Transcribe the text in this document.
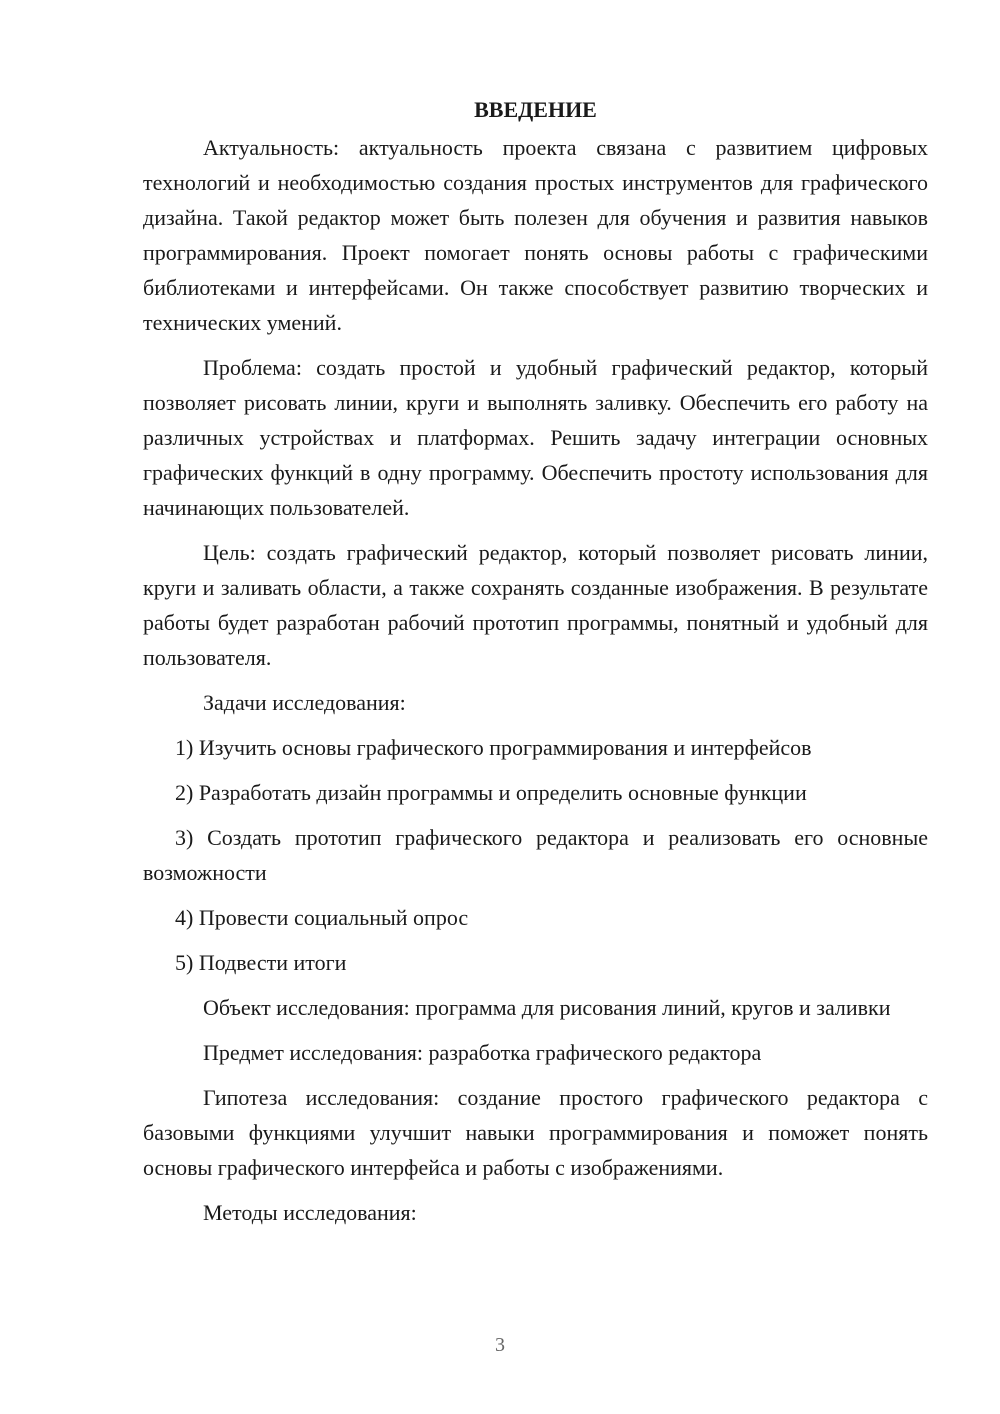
ВВЕДЕНИЕ

Актуальность: актуальность проекта связана с развитием цифровых технологий и необходимостью создания простых инструментов для графического дизайна. Такой редактор может быть полезен для обучения и развития навыков программирования. Проект помогает понять основы работы с графическими библиотеками и интерфейсами. Он также способствует развитию творческих и технических умений.

Проблема: создать простой и удобный графический редактор, который позволяет рисовать линии, круги и выполнять заливку. Обеспечить его работу на различных устройствах и платформах. Решить задачу интеграции основных графических функций в одну программу. Обеспечить простоту использования для начинающих пользователей.

Цель: создать графический редактор, который позволяет рисовать линии, круги и заливать области, а также сохранять созданные изображения. В результате работы будет разработан рабочий прототип программы, понятный и удобный для пользователя.

Задачи исследования:

1) Изучить основы графического программирования и интерфейсов

2) Разработать дизайн программы и определить основные функции

3) Создать прототип графического редактора и реализовать его основные возможности

4) Провести социальный опрос

5) Подвести итоги

Объект исследования: программа для рисования линий, кругов и заливки

Предмет исследования: разработка графического редактора

Гипотеза исследования: создание простого графического редактора с базовыми функциями улучшит навыки программирования и поможет понять основы графического интерфейса и работы с изображениями.

Методы исследования:

3
